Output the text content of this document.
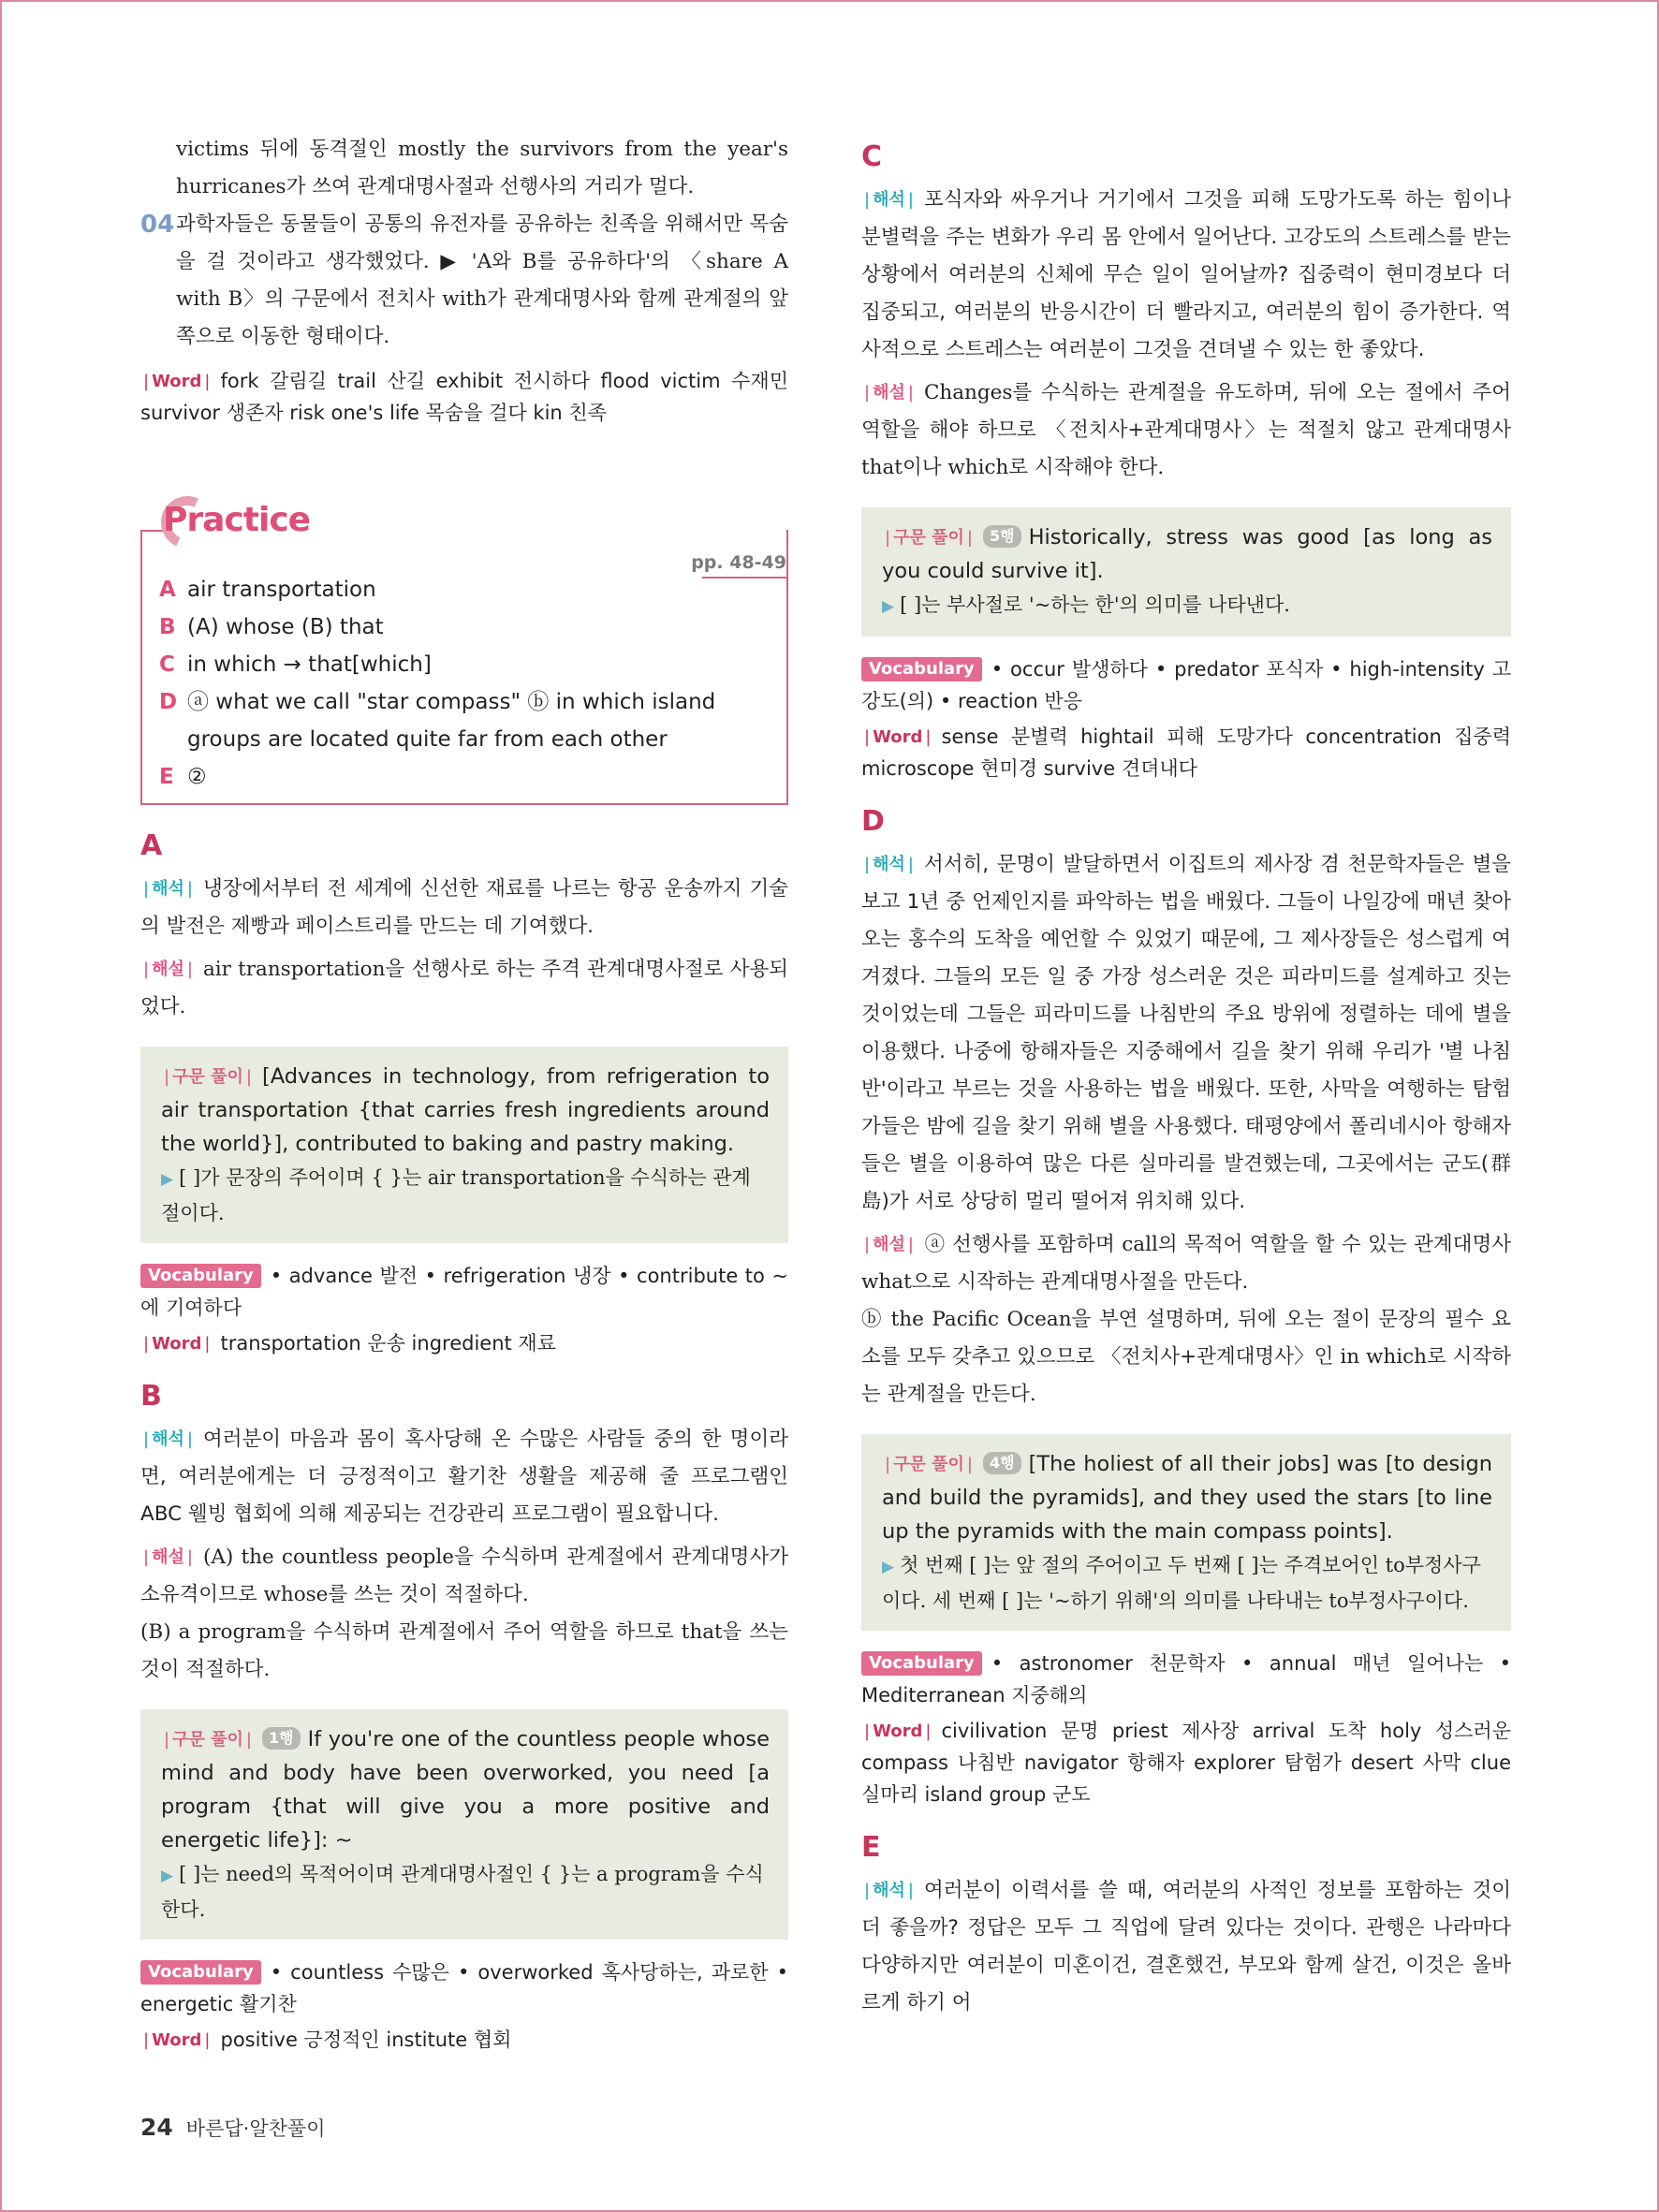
victims 뒤에 동격절인 mostly the survivors from the year's hurricanes가 쓰여 관계대명사절과 선행사의 거리가 멀다.

04 과학자들은 동물들이 공통의 유전자를 공유하는 친족을 위해서만 목숨을 걸 것이라고 생각했었다. ▶ 'A와 B를 공유하다'의 〈share A with B〉의 구문에서 전치사 with가 관계대명사와 함께 관계절의 앞쪽으로 이동한 형태이다.

| Word | fork 갈림길 trail 산길 exhibit 전시하다 flood victim 수재민 survivor 생존자 risk one's life 목숨을 걸다 kin 친족

Practice
pp. 48-49
A air transportation
B (A) whose (B) that
C in which → that[which]
D ⓐ what we call "star compass" ⓑ in which island groups are located quite far from each other
E ②
A

| 해석 | 냉장에서부터 전 세계에 신선한 재료를 나르는 항공 운송까지 기술의 발전은 제빵과 페이스트리를 만드는 데 기여했다.

| 해설 | air transportation을 선행사로 하는 주격 관계대명사절로 사용되었다.

| 구문 풀이 | [Advances in technology, from refrigeration to air transportation {that carries fresh ingredients around the world}], contributed to baking and pastry making.

▶ [ ]가 문장의 주어이며 { }는 air transportation을 수식하는 관계절이다.

Vocabulary • advance 발전 • refrigeration 냉장 • contribute to ~에 기여하다

| Word | transportation 운송 ingredient 재료

B

| 해석 | 여러분이 마음과 몸이 혹사당해 온 수많은 사람들 중의 한 명이라면, 여러분에게는 더 긍정적이고 활기찬 생활을 제공해 줄 프로그램인 ABC 웰빙 협회에 의해 제공되는 건강관리 프로그램이 필요합니다.

| 해설 | (A) the countless people을 수식하며 관계절에서 관계대명사가 소유격이므로 whose를 쓰는 것이 적절하다.

(B) a program을 수식하며 관계절에서 주어 역할을 하므로 that을 쓰는 것이 적절하다.

| 구문 풀이 | 1행 If you're one of the countless people whose mind and body have been overworked, you need [a program {that will give you a more positive and energetic life}]: ~

▶ [ ]는 need의 목적어이며 관계대명사절인 { }는 a program을 수식한다.

Vocabulary • countless 수많은 • overworked 혹사당하는, 과로한 • energetic 활기찬

| Word | positive 긍정적인 institute 협회

C

| 해석 | 포식자와 싸우거나 거기에서 그것을 피해 도망가도록 하는 힘이나 분별력을 주는 변화가 우리 몸 안에서 일어난다. 고강도의 스트레스를 받는 상황에서 여러분의 신체에 무슨 일이 일어날까? 집중력이 현미경보다 더 집중되고, 여러분의 반응시간이 더 빨라지고, 여러분의 힘이 증가한다. 역사적으로 스트레스는 여러분이 그것을 견뎌낼 수 있는 한 좋았다.

| 해설 | Changes를 수식하는 관계절을 유도하며, 뒤에 오는 절에서 주어 역할을 해야 하므로 〈전치사+관계대명사〉는 적절치 않고 관계대명사 that이나 which로 시작해야 한다.

| 구문 풀이 | 5행 Historically, stress was good [as long as you could survive it].

▶ [ ]는 부사절로 '~하는 한'의 의미를 나타낸다.

Vocabulary • occur 발생하다 • predator 포식자 • high-intensity 고강도(의) • reaction 반응

| Word | sense 분별력 hightail 피해 도망가다 concentration 집중력 microscope 현미경 survive 견뎌내다

D

| 해석 | 서서히, 문명이 발달하면서 이집트의 제사장 겸 천문학자들은 별을 보고 1년 중 언제인지를 파악하는 법을 배웠다. 그들이 나일강에 매년 찾아오는 홍수의 도착을 예언할 수 있었기 때문에, 그 제사장들은 성스럽게 여겨졌다. 그들의 모든 일 중 가장 성스러운 것은 피라미드를 설계하고 짓는 것이었는데 그들은 피라미드를 나침반의 주요 방위에 정렬하는 데에 별을 이용했다. 나중에 항해자들은 지중해에서 길을 찾기 위해 우리가 '별 나침반'이라고 부르는 것을 사용하는 법을 배웠다. 또한, 사막을 여행하는 탐험가들은 밤에 길을 찾기 위해 별을 사용했다. 태평양에서 폴리네시아 항해자들은 별을 이용하여 많은 다른 실마리를 발견했는데, 그곳에서는 군도(群島)가 서로 상당히 멀리 떨어져 위치해 있다.

| 해설 | ⓐ 선행사를 포함하며 call의 목적어 역할을 할 수 있는 관계대명사 what으로 시작하는 관계대명사절을 만든다.

ⓑ the Pacific Ocean을 부연 설명하며, 뒤에 오는 절이 문장의 필수 요소를 모두 갖추고 있으므로 〈전치사+관계대명사〉인 in which로 시작하는 관계절을 만든다.

| 구문 풀이 | 4행 [The holiest of all their jobs] was [to design and build the pyramids], and they used the stars [to line up the pyramids with the main compass points].

▶ 첫 번째 [ ]는 앞 절의 주어이고 두 번째 [ ]는 주격보어인 to부정사구이다. 세 번째 [ ]는 '~하기 위해'의 의미를 나타내는 to부정사구이다.

Vocabulary • astronomer 천문학자 • annual 매년 일어나는 • Mediterranean 지중해의

| Word | civilivation 문명 priest 제사장 arrival 도착 holy 성스러운 compass 나침반 navigator 항해자 explorer 탐험가 desert 사막 clue 실마리 island group 군도

E

| 해석 | 여러분이 이력서를 쓸 때, 여러분의 사적인 정보를 포함하는 것이 더 좋을까? 정답은 모두 그 직업에 달려 있다는 것이다. 관행은 나라마다 다양하지만 여러분이 미혼이건, 결혼했건, 부모와 함께 살건, 이것은 올바르게 하기 어

24 바른답·알찬풀이
